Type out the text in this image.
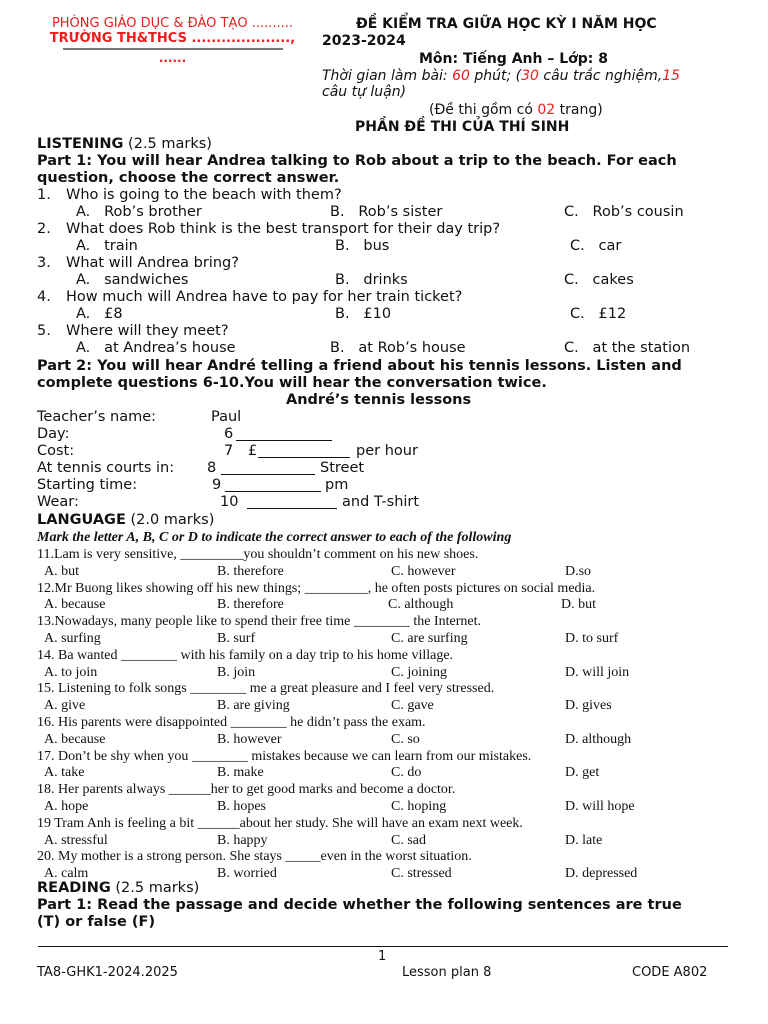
PHÒNG GIÁO DỤC & ĐÀO TẠO ..........
TRƯỜNG TH&THCS ....................,
......
ĐỀ KIỂM TRA GIỮA HỌC KỲ I NĂM HỌC
2023-2024
Môn: Tiếng Anh – Lớp: 8
Thời gian làm bài: 60 phút; (30 câu trắc nghiệm,15
câu tự luận)
(Đề thi gồm có 02 trang)
PHẦN ĐỀ THI CỦA THÍ SINH
LISTENING (2.5 marks)
Part 1: You will hear Andrea talking to Rob about a trip to the beach. For each
question, choose the correct answer.
1. Who is going to the beach with them?
A.   Rob’s brother	B.   Rob’s sister	C.   Rob’s cousin
2. What does Rob think is the best transport for their day trip?
A.   train	B.   bus	C.   car
3. What will Andrea bring?
A.   sandwiches	B.   drinks	C.   cakes
4. How much will Andrea have to pay for her train ticket?
A.   £8	B.   £10	C.   £12
5. Where will they meet?
A.   at Andrea’s house	B.   at Rob’s house	C.   at the station
Part 2: You will hear André telling a friend about his tennis lessons. Listen and
complete questions 6-10.You will hear the conversation twice.
André’s tennis lessons
Teacher’s name:	Paul
Day:	6
Cost:	7 £	per hour
At tennis courts in: 8	Street
Starting time:	9	pm
Wear:	10	and T-shirt
LANGUAGE (2.0 marks)
Mark the letter A, B, C or D to indicate the correct answer to each of the following
11.Lam is very sensitive, _________you shouldn’t comment on his new shoes.
A. but	B. therefore	C. however	D.so
12.Mr Buong likes showing off his new things; _________, he often posts pictures on social media.
A. because	B. therefore	C. although	D. but
13.Nowadays, many people like to spend their free time ________ the Internet.
A. surfing	B. surf	C. are surfing	D. to surf
14. Ba wanted ________ with his family on a day trip to his home village.
A. to join	B. join	C. joining	D. will join
15. Listening to folk songs ________ me a great pleasure and I feel very stressed.
A. give	B. are giving	C. gave	D. gives
16. His parents were disappointed ________ he didn’t pass the exam.
A. because	B. however	C. so	D. although
17. Don’t be shy when you ________ mistakes because we can learn from our mistakes.
A. take	B. make	C. do	D. get
18. Her parents always ______her to get good marks and become a doctor.
A. hope	B. hopes	C. hoping	D. will hope
19 Tram Anh is feeling a bit ______about her study. She will have an exam next week.
A. stressful	B. happy	C. sad	D. late
20. My mother is a strong person. She stays _____even in the worst situation.
A. calm	B. worried	C. stressed	D. depressed
READING (2.5 marks)
Part 1: Read the passage and decide whether the following sentences are true
(T) or false (F)
1
TA8-GHK1-2024.2025	Lesson plan 8	CODE A802
